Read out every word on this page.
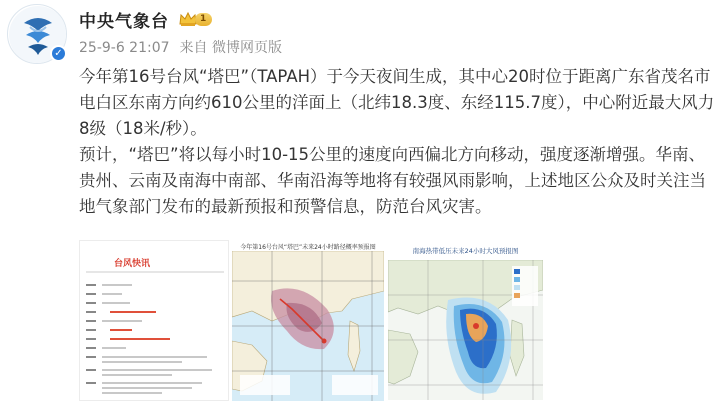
✓
中央气象台	1
25-9-6 21:07 来自 微博网页版

今年第16号台风“塔巴”（TAPAH）于今天夜间生成，其中心20时位于距离广东省茂名市电白区东南方向约610公里的洋面上（北纬18.3度、东经115.7度），中心附近最大风力8级（18米/秒）。

预计，“塔巴”将以每小时10-15公里的速度向西偏北方向移动，强度逐渐增强。华南、贵州、云南及南海中南部、华南沿海等地将有较强风雨影响，上述地区公众及时关注当地气象部门发布的最新预报和预警信息，防范台风灾害。

台风快讯
今年第16号台风“塔巴”未来24小时路径概率预报图	南海热带低压未来24小时大风预报图
